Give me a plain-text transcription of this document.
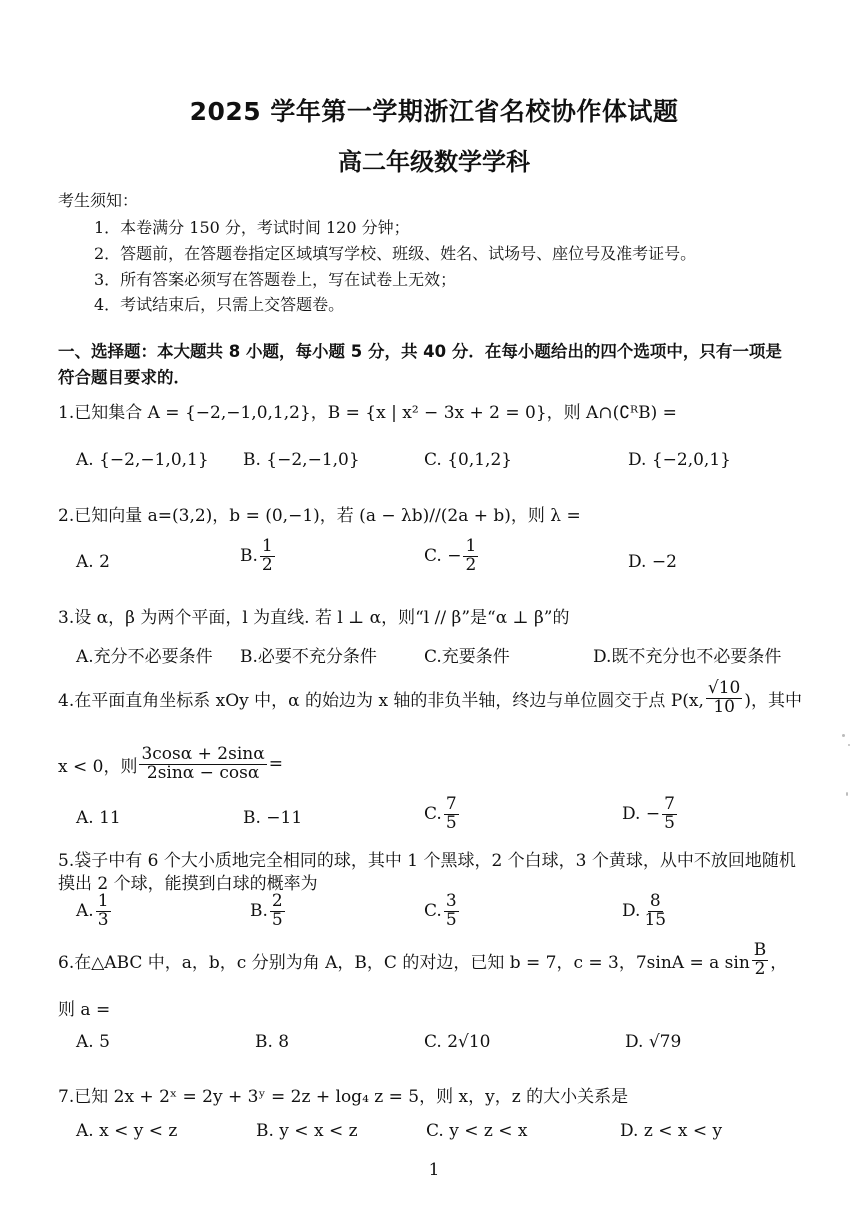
2025 学年第一学期浙江省名校协作体试题
高二年级数学学科
考生须知：
1．本卷满分 150 分，考试时间 120 分钟；
2．答题前，在答题卷指定区域填写学校、班级、姓名、试场号、座位号及准考证号。
3．所有答案必须写在答题卷上，写在试卷上无效；
4．考试结束后，只需上交答题卷。
一、选择题：本大题共 8 小题，每小题 5 分，共 40 分．在每小题给出的四个选项中，只有一项是
符合题目要求的．
1.已知集合 A = {−2,−1,0,1,2}，B = {x | x² − 3x + 2 = 0}，则 A∩(∁ᴿB) =
A. {−2,−1,0,1} B. {−2,−1,0}	C. {0,1,2}	D. {−2,0,1}
2.已知向量 a=(3,2)，b = (0,−1)，若 (a − λb)//(2a + b)，则 λ =
A. 2	B. $\frac{1}{2}$	C. − $\frac{1}{2}$	D. −2
3.设 α，β 为两个平面，l 为直线. 若 l ⊥ α，则“l // β”是“α ⊥ β”的
A.充分不必要条件 B.必要不充分条件	C.充要条件	D.既不充分也不必要条件
4.在平面直角坐标系 xOy 中，α 的始边为 x 轴的非负半轴，终边与单位圆交于点 P(x, $\frac{√10}{10}$ )，其中
x < 0，则 $\frac{3\cos\alpha + 2\sin\alpha}{2\sin\alpha - \cos\alpha}$ =
A. 11	B. −11	C. $\frac{7}{5}$	D. − $\frac{7}{5}$
5.袋子中有 6 个大小质地完全相同的球，其中 1 个黑球，2 个白球，3 个黄球，从中不放回地随机
摸出 2 个球，能摸到白球的概率为
A. $\frac{1}{3}$	B. $\frac{2}{5}$	C. $\frac{3}{5}$	D. $\frac{8}{15}$
6.在△ABC 中，a，b，c 分别为角 A，B，C 的对边，已知 b = 7，c = 3，7sinA = a $\sin \frac{B}{2}$ ，
则 a =
A. 5	B. 8	C. 2√10	D. √79
7.已知 2x + 2ˣ = 2y + 3ʸ = 2z + log₄ z = 5，则 x，y，z 的大小关系是
A. x < y < z	B. y < x < z	C. y < z < x	D. z < x < y
1
